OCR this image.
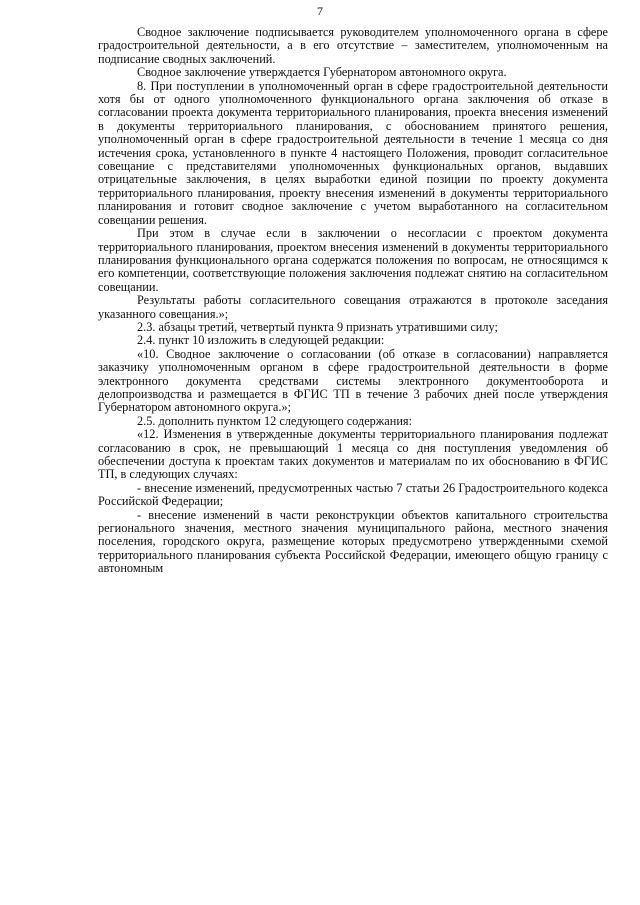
7

Сводное заключение подписывается руководителем уполномоченного органа в сфере градостроительной деятельности, а в его отсутствие – заместителем, уполномоченным на подписание сводных заключений.

Сводное заключение утверждается Губернатором автономного округа.

8. При поступлении в уполномоченный орган в сфере градостроительной деятельности хотя бы от одного уполномоченного функционального органа заключения об отказе в согласовании проекта документа территориального планирования, проекта внесения изменений в документы территориального планирования, с обоснованием принятого решения, уполномоченный орган в сфере градостроительной деятельности в течение 1 месяца со дня истечения срока, установленного в пункте 4 настоящего Положения, проводит согласительное совещание с представителями уполномоченных функциональных органов, выдавших отрицательные заключения, в целях выработки единой позиции по проекту документа территориального планирования, проекту внесения изменений в документы территориального планирования и готовит сводное заключение с учетом выработанного на согласительном совещании решения.

При этом в случае если в заключении о несогласии с проектом документа территориального планирования, проектом внесения изменений в документы территориального планирования функционального органа содержатся положения по вопросам, не относящимся к его компетенции, соответствующие положения заключения подлежат снятию на согласительном совещании.

Результаты работы согласительного совещания отражаются в протоколе заседания указанного совещания.»;

2.3. абзацы третий, четвертый пункта 9 признать утратившими силу;

2.4. пункт 10 изложить в следующей редакции:

«10. Сводное заключение о согласовании (об отказе в согласовании) направляется заказчику уполномоченным органом в сфере градостроительной деятельности в форме электронного документа средствами системы электронного документооборота и делопроизводства и размещается в ФГИС ТП в течение 3 рабочих дней после утверждения Губернатором автономного округа.»;

2.5. дополнить пунктом 12 следующего содержания:

«12. Изменения в утвержденные документы территориального планирования подлежат согласованию в срок, не превышающий 1 месяца со дня поступления уведомления об обеспечении доступа к проектам таких документов и материалам по их обоснованию в ФГИС ТП, в следующих случаях:

- внесение изменений, предусмотренных частью 7 статьи 26 Градостроительного кодекса Российской Федерации;

- внесение изменений в части реконструкции объектов капитального строительства регионального значения, местного значения муниципального района, местного значения поселения, городского округа, размещение которых предусмотрено утвержденными схемой территориального планирования субъекта Российской Федерации, имеющего общую границу с автономным
